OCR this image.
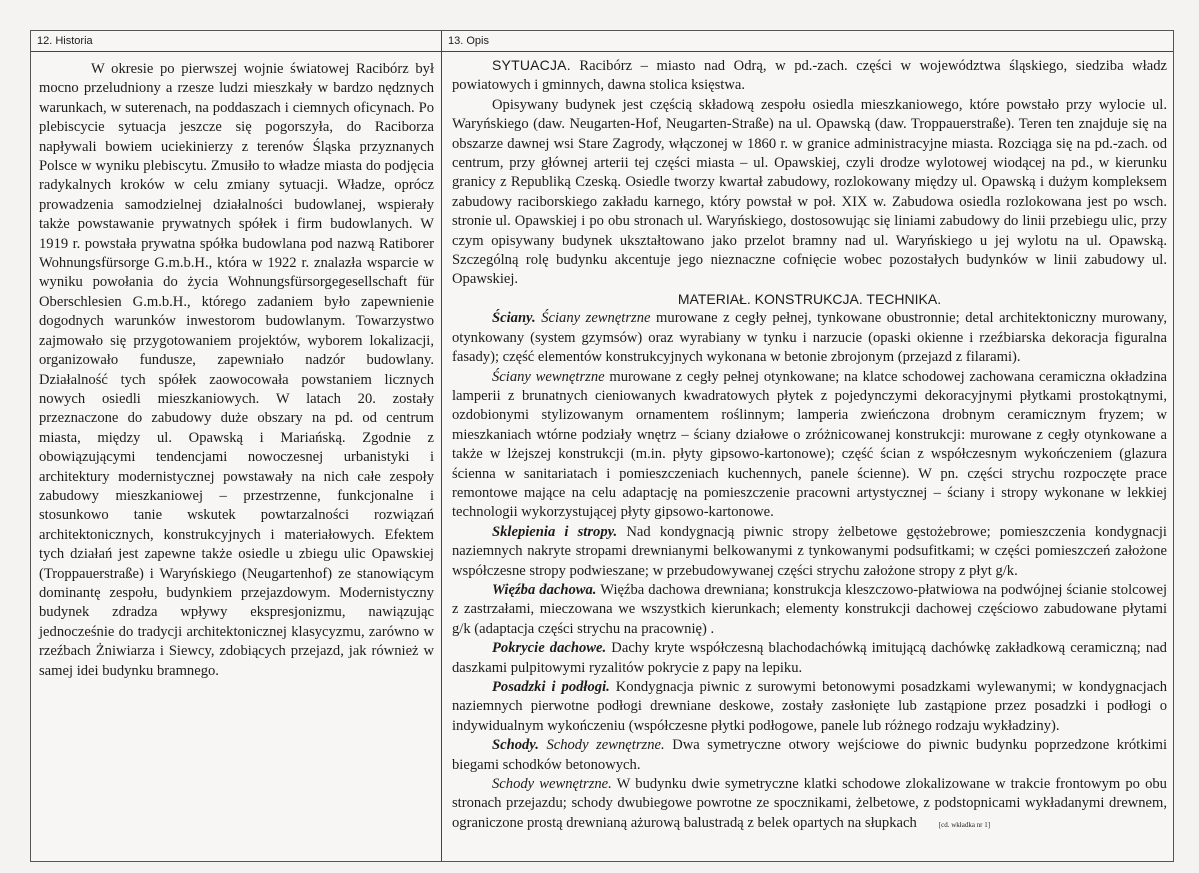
12. Historia

W okresie po pierwszej wojnie światowej Racibórz był mocno przeludniony a rzesze ludzi mieszkały w bardzo nędznych warunkach, w suterenach, na poddaszach i ciemnych oficynach. Po plebiscycie sytuacja jeszcze się pogorszyła, do Raciborza napływali bowiem uciekinierzy z terenów Śląska przyznanych Polsce w wyniku plebiscytu. Zmusiło to władze miasta do podjęcia radykalnych kroków w celu zmiany sytuacji. Władze, oprócz prowadzenia samodzielnej działalności budowlanej, wspierały także powstawanie prywatnych spółek i firm budowlanych. W 1919 r. powstała prywatna spółka budowlana pod nazwą Ratiborer Wohnungsfürsorge G.m.b.H., która w 1922 r. znalazła wsparcie w wyniku powołania do życia Wohnungsfürsorgegesellschaft für Oberschlesien G.m.b.H., którego zadaniem było zapewnienie dogodnych warunków inwestorom budowlanym. Towarzystwo zajmowało się przygotowaniem projektów, wyborem lokalizacji, organizowało fundusze, zapewniało nadzór budowlany. Działalność tych spółek zaowocowała powstaniem licznych nowych osiedli mieszkaniowych. W latach 20. zostały przeznaczone do zabudowy duże obszary na pd. od centrum miasta, między ul. Opawską i Mariańską. Zgodnie z obowiązującymi tendencjami nowoczesnej urbanistyki i architektury modernistycznej powstawały na nich całe zespoły zabudowy mieszkaniowej – przestrzenne, funkcjonalne i stosunkowo tanie wskutek powtarzalności rozwiązań architektonicznych, konstrukcyjnych i materiałowych. Efektem tych działań jest zapewne także osiedle u zbiegu ulic Opawskiej (Troppauerstraße) i Waryńskiego (Neugartenhof) ze stanowiącym dominantę zespołu, budynkiem przejazdowym. Modernistyczny budynek zdradza wpływy ekspresjonizmu, nawiązując jednocześnie do tradycji architektonicznej klasycyzmu, zarówno w rzeźbach Żniwiarza i Siewcy, zdobiących przejazd, jak również w samej idei budynku bramnego.

13. Opis

SYTUACJA. Racibórz – miasto nad Odrą, w pd.-zach. części w województwa śląskiego, siedziba władz powiatowych i gminnych, dawna stolica księstwa.

Opisywany budynek jest częścią składową zespołu osiedla mieszkaniowego, które powstało przy wylocie ul. Waryńskiego (daw. Neugarten-Hof, Neugarten-Straße) na ul. Opawską (daw. Troppauerstraße). Teren ten znajduje się na obszarze dawnej wsi Stare Zagrody, włączonej w 1860 r. w granice administracyjne miasta. Rozciąga się na pd.-zach. od centrum, przy głównej arterii tej części miasta – ul. Opawskiej, czyli drodze wylotowej wiodącej na pd., w kierunku granicy z Republiką Czeską. Osiedle tworzy kwartał zabudowy, rozlokowany między ul. Opawską i dużym kompleksem zabudowy raciborskiego zakładu karnego, który powstał w poł. XIX w. Zabudowa osiedla rozlokowana jest po wsch. stronie ul. Opawskiej i po obu stronach ul. Waryńskiego, dostosowując się liniami zabudowy do linii przebiegu ulic, przy czym opisywany budynek ukształtowano jako przelot bramny nad ul. Waryńskiego u jej wylotu na ul. Opawską. Szczególną rolę budynku akcentuje jego nieznaczne cofnięcie wobec pozostałych budynków w linii zabudowy ul. Opawskiej.

MATERIAŁ. KONSTRUKCJA. TECHNIKA.

Ściany. Ściany zewnętrzne murowane z cegły pełnej, tynkowane obustronnie; detal architektoniczny murowany, otynkowany (system gzymsów) oraz wyrabiany w tynku i narzucie (opaski okienne i rzeźbiarska dekoracja figuralna fasady); część elementów konstrukcyjnych wykonana w betonie zbrojonym (przejazd z filarami).

Ściany wewnętrzne murowane z cegły pełnej otynkowane; na klatce schodowej zachowana ceramiczna okładzina lamperii z brunatnych cieniowanych kwadratowych płytek z pojedynczymi dekoracyjnymi płytkami prostokątnymi, ozdobionymi stylizowanym ornamentem roślinnym; lamperia zwieńczona drobnym ceramicznym fryzem; w mieszkaniach wtórne podziały wnętrz – ściany działowe o zróżnicowanej konstrukcji: murowane z cegły otynkowane a także w lżejszej konstrukcji (m.in. płyty gipsowo-kartonowe); część ścian z współczesnym wykończeniem (glazura ścienna w sanitariatach i pomieszczeniach kuchennych, panele ścienne). W pn. części strychu rozpoczęte prace remontowe mające na celu adaptację na pomieszczenie pracowni artystycznej – ściany i stropy wykonane w lekkiej technologii wykorzystującej płyty gipsowo-kartonowe.

Sklepienia i stropy. Nad kondygnacją piwnic stropy żelbetowe gęstożebrowe; pomieszczenia kondygnacji naziemnych nakryte stropami drewnianymi belkowanymi z tynkowanymi podsufitkami; w części pomieszczeń założone współczesne stropy podwieszane; w przebudowywanej części strychu założone stropy z płyt g/k.

Więźba dachowa. Więźba dachowa drewniana; konstrukcja kleszczowo-płatwiowa na podwójnej ścianie stolcowej z zastrzałami, mieczowana we wszystkich kierunkach; elementy konstrukcji dachowej częściowo zabudowane płytami g/k (adaptacja części strychu na pracownię) .

Pokrycie dachowe. Dachy kryte współczesną blachodachówką imitującą dachówkę zakładkową ceramiczną; nad daszkami pulpitowymi ryzalitów pokrycie z papy na lepiku.

Posadzki i podłogi. Kondygnacja piwnic z surowymi betonowymi posadzkami wylewanymi; w kondygnacjach naziemnych pierwotne podłogi drewniane deskowe, zostały zasłonięte lub zastąpione przez posadzki i podłogi o indywidualnym wykończeniu (współczesne płytki podłogowe, panele lub różnego rodzaju wykładziny).

Schody. Schody zewnętrzne. Dwa symetryczne otwory wejściowe do piwnic budynku poprzedzone krótkimi biegami schodków betonowych.

Schody wewnętrzne. W budynku dwie symetryczne klatki schodowe zlokalizowane w trakcie frontowym po obu stronach przejazdu; schody dwubiegowe powrotne ze spocznikami, żelbetowe, z podstopnicami wykładanymi drewnem, ograniczone prostą drewnianą ażurową balustradą z belek opartych na słupkach	[cd. wkładka nr 1]
